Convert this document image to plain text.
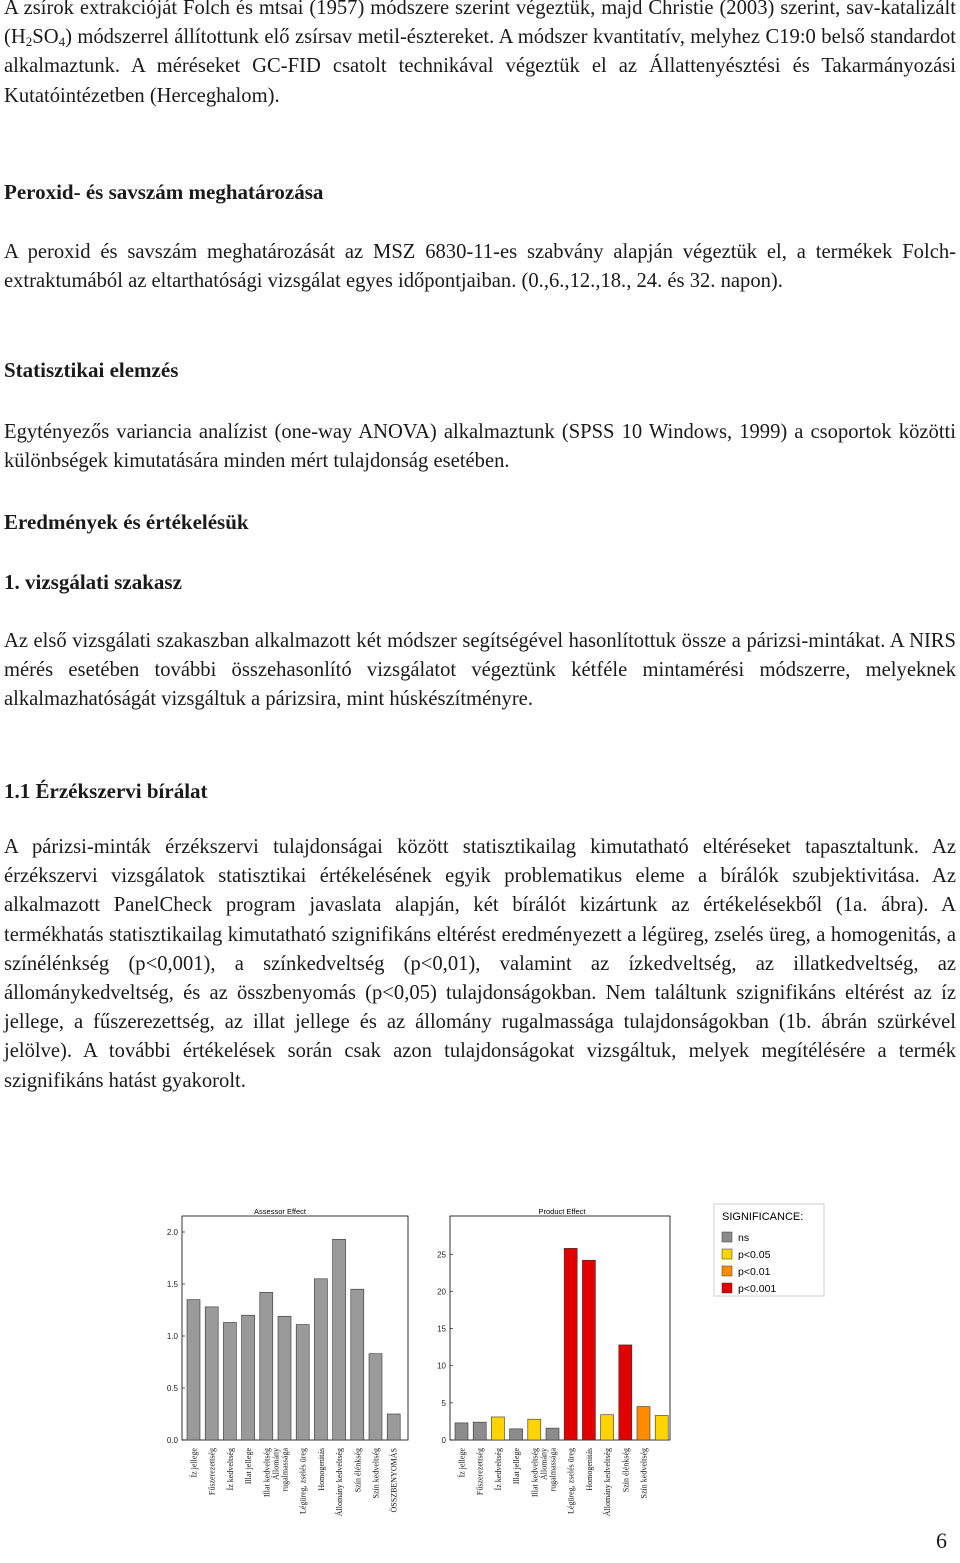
A zsírok extrakcióját Folch és mtsai (1957) módszere szerint végeztük, majd Christie (2003) szerint, sav-katalizált $(H_2SO_4)$ módszerrel állítottunk elő zsírsav metil-észtereket. A módszer kvantitatív, melyhez C19:0 belső standardot alkalmaztunk. A méréseket GC-FID csatolt technikával végeztük el az Állattenyésztési és Takarmányozási Kutatóintézetben (Herceghalom).

Peroxid- és savszám meghatározása

A peroxid és savszám meghatározását az MSZ 6830-11-es szabvány alapján végeztük el, a termékek Folch-extraktumából az eltarthatósági vizsgálat egyes időpontjaiban. (0.,6.,12.,18., 24. és 32. napon).

Statisztikai elemzés

Egytényezős variancia analízist (one-way ANOVA) alkalmaztunk (SPSS 10 Windows, 1999) a csoportok közötti különbségek kimutatására minden mért tulajdonság esetében.

Eredmények és értékelésük
1. vizsgálati szakasz

Az első vizsgálati szakaszban alkalmazott két módszer segítségével hasonlítottuk össze a párizsi-mintákat. A NIRS mérés esetében további összehasonlító vizsgálatot végeztünk kétféle mintamérési módszerre, melyeknek alkalmazhatóságát vizsgáltuk a párizsira, mint húskészítményre.

1.1 Érzékszervi bírálat

A párizsi-minták érzékszervi tulajdonságai között statisztikailag kimutatható eltéréseket tapasztaltunk. Az érzékszervi vizsgálatok statisztikai értékelésének egyik problematikus eleme a bírálók szubjektivitása. Az alkalmazott PanelCheck program javaslata alapján, két bírálót kizártunk az értékelésekből (1a. ábra). A termékhatás statisztikailag kimutatható szignifikáns eltérést eredményezett a légüreg, zselés üreg, a homogenitás, a színélénkség (p<0,001), a színkedveltség (p<0,01), valamint az ízkedveltség, az illatkedveltség, az állománykedveltség, és az összbenyomás (p<0,05) tulajdonságokban. Nem találtunk szignifikáns eltérést az íz jellege, a fűszerezettség, az illat jellege és az állomány rugalmassága tulajdonságokban (1b. ábrán szürkével jelölve). A további értékelések során csak azon tulajdonságokat vizsgáltuk, melyek megítélésére a termék szignifikáns hatást gyakorolt.

Assessor Effect
0.0
0.5
1.0
1.5
2.0
Íz jellege Fűszerezettség Íz kedveltség Illat jellege Illat kedveltség Állomány rugalmassága Légüreg, zselés üreg Homogenitás Állomány kedveltség Szín élénkség Szín kedveltség ÖSSZBENYOMÁS
Product Effect
0
5
10
15
20
25
Íz jellege Fűszerezettség Íz kedveltség Illat jellege Illat kedveltség Állomány rugalmassága Légüreg, zselés üreg Homogenitás Állomány kedveltség Szín élénkség Szín kedveltség
SIGNIFICANCE:
ns
p<0.05
p<0.01
p<0.001
6
